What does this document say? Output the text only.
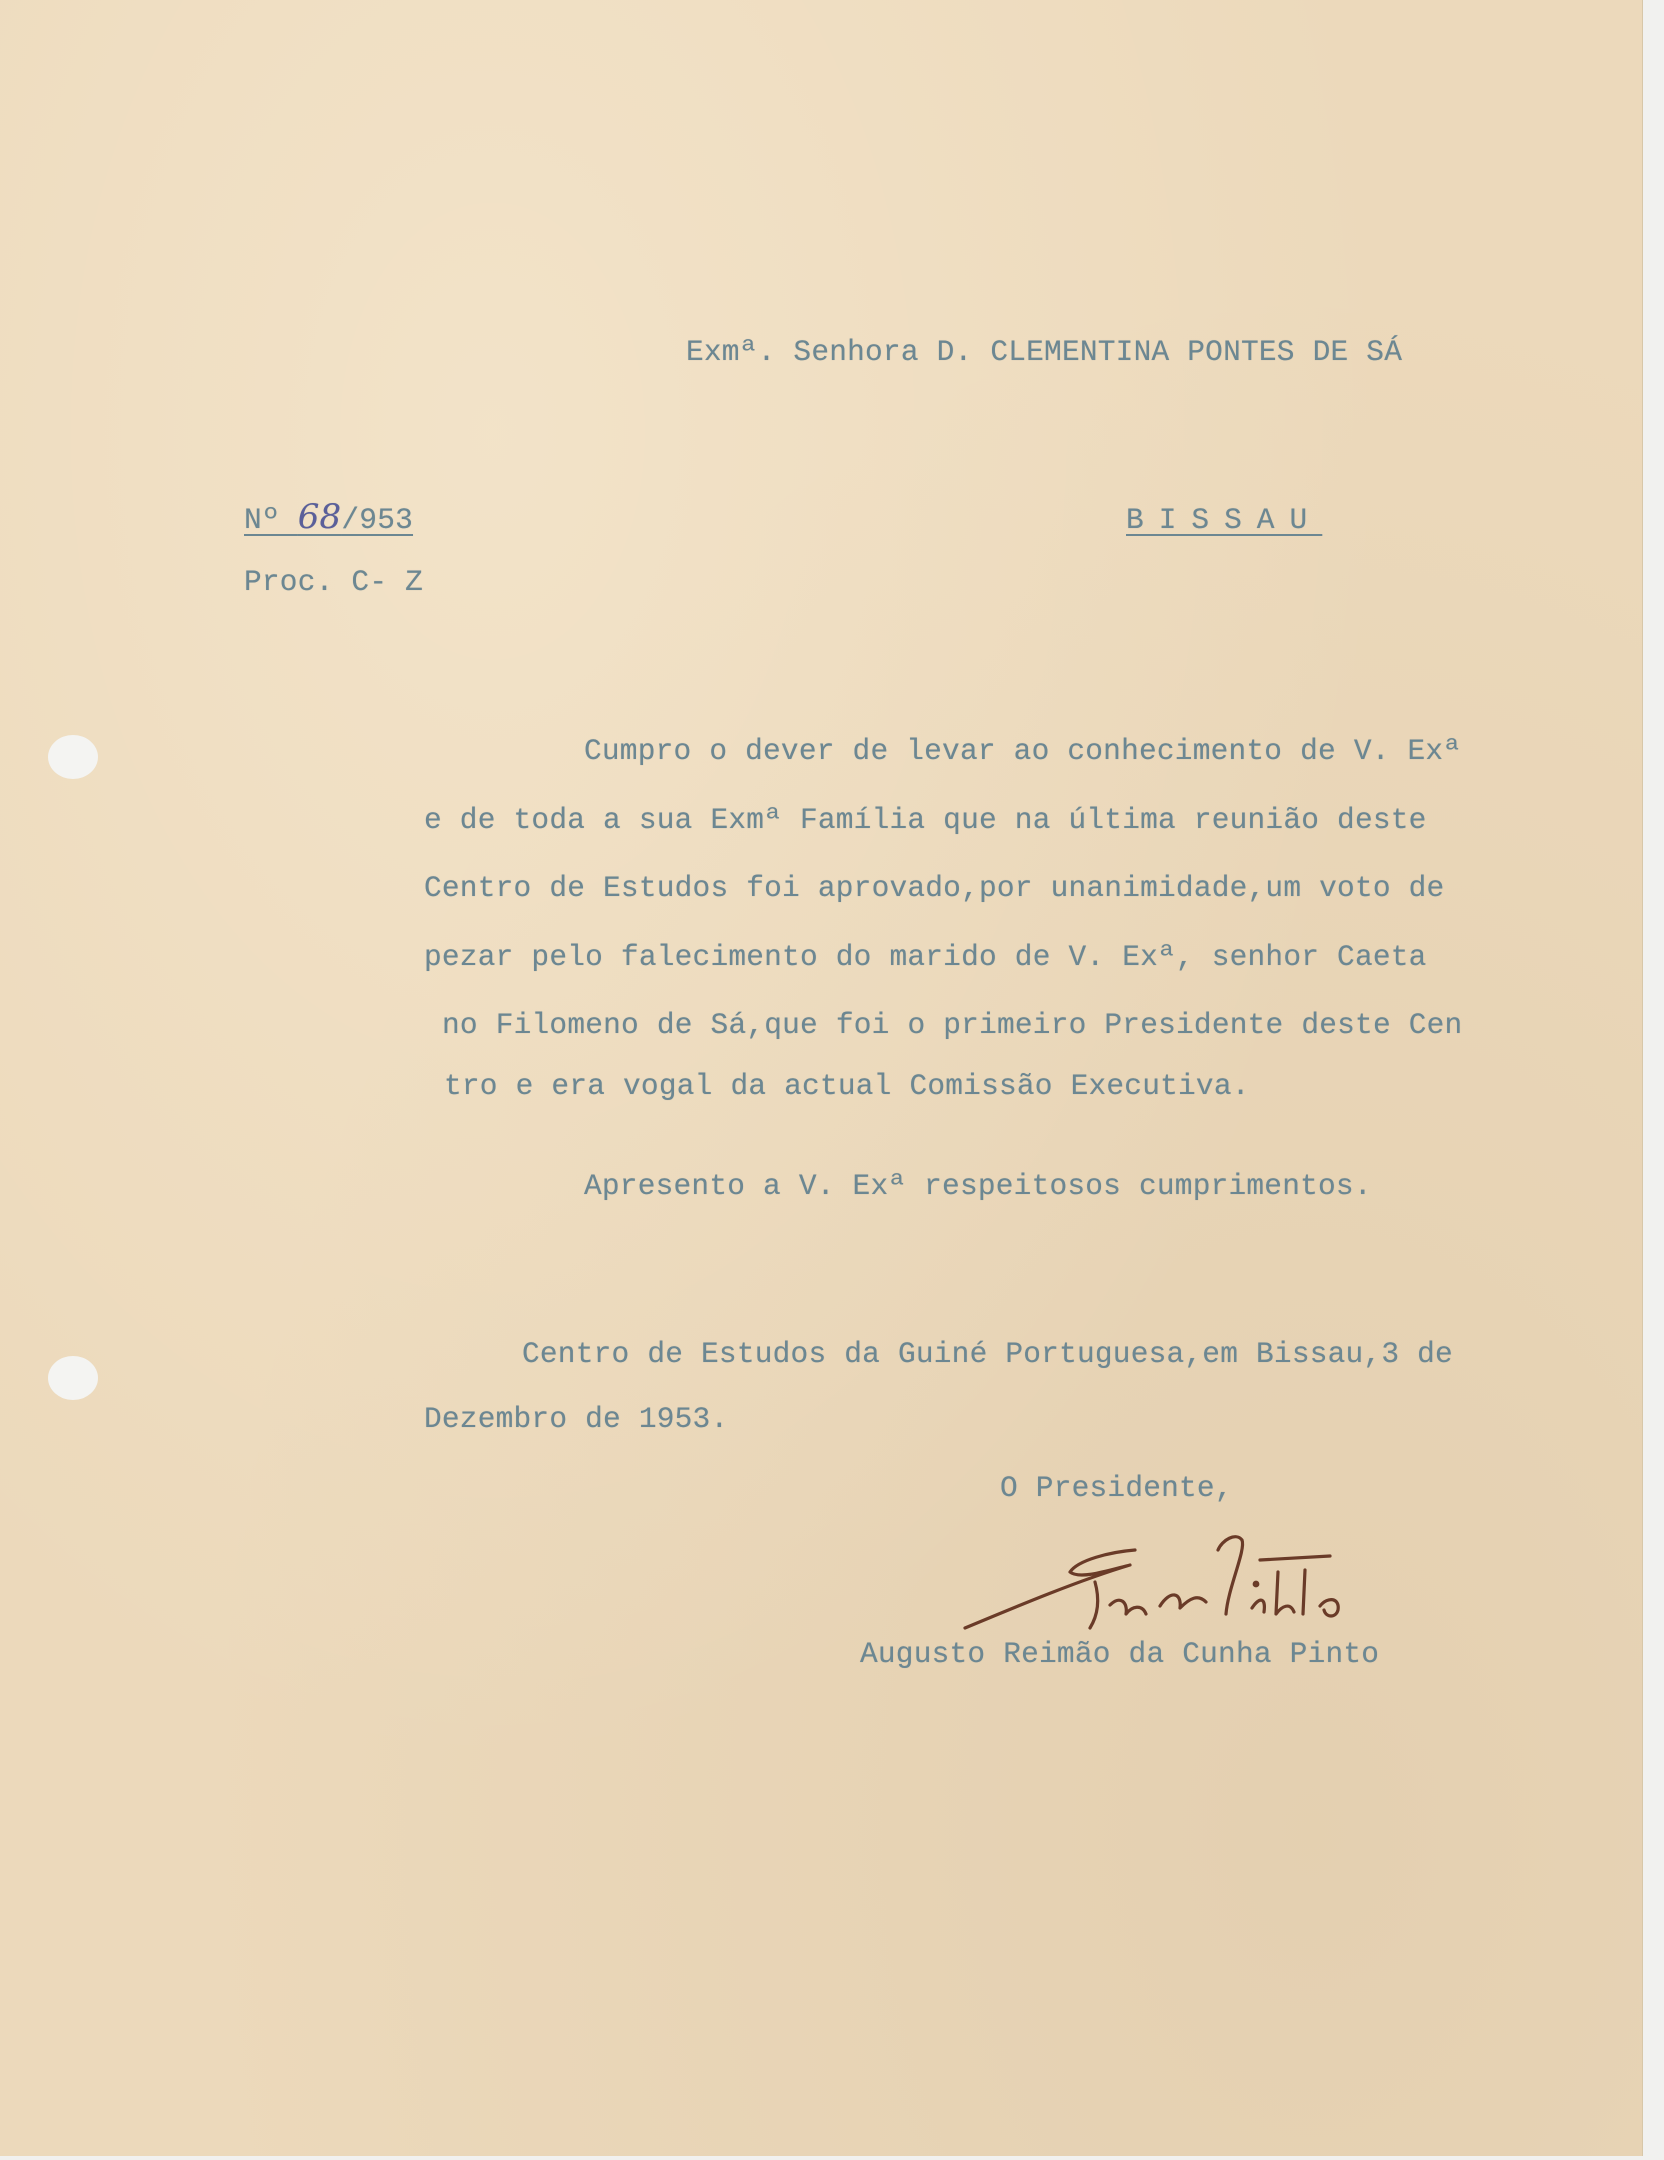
Exmª. Senhora D. CLEMENTINA PONTES DE SÁ

Nº 68/953	BISSAU

Proc. C- Z

Cumpro o dever de levar ao conhecimento de V. Exª

e de toda a sua Exmª Família que na última reunião deste

Centro de Estudos foi aprovado,por unanimidade,um voto de

pezar pelo falecimento do marido de V. Exª, senhor Caeta

no Filomeno de Sá,que foi o primeiro Presidente deste Cen

tro e era vogal da actual Comissão Executiva.

Apresento a V. Exª respeitosos cumprimentos.

Centro de Estudos da Guiné Portuguesa,em Bissau,3 de

Dezembro de 1953.

O Presidente,

Augusto Reimão da Cunha Pinto
